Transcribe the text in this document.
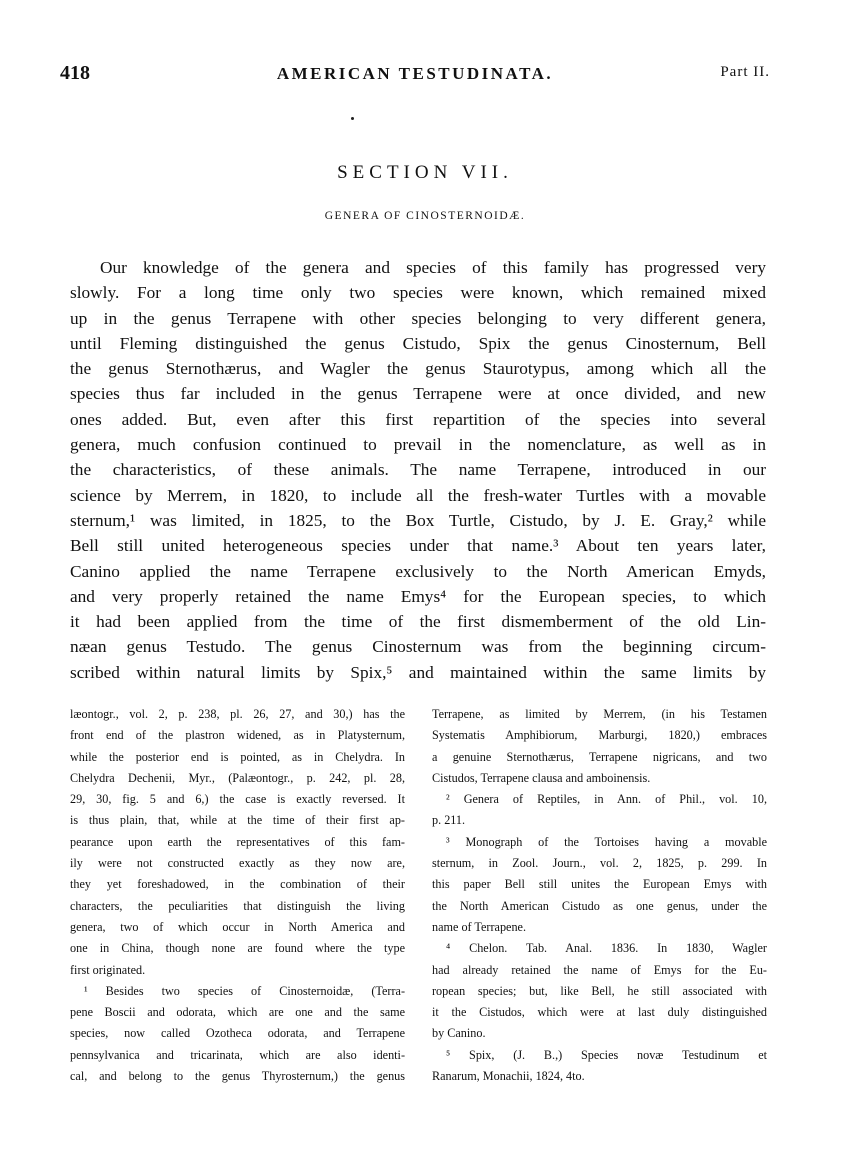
418	AMERICAN TESTUDINATA.	Part II.
SECTION VII.
GENERA OF CINOSTERNOIDÆ.
Our knowledge of the genera and species of this family has progressed very
slowly. For a long time only two species were known, which remained mixed
up in the genus Terrapene with other species belonging to very different genera,
until Fleming distinguished the genus Cistudo, Spix the genus Cinosternum, Bell
the genus Sternothærus, and Wagler the genus Staurotypus, among which all the
species thus far included in the genus Terrapene were at once divided, and new
ones added. But, even after this first repartition of the species into several
genera, much confusion continued to prevail in the nomenclature, as well as in
the characteristics, of these animals. The name Terrapene, introduced in our
science by Merrem, in 1820, to include all the fresh-water Turtles with a movable
sternum,¹ was limited, in 1825, to the Box Turtle, Cistudo, by J. E. Gray,² while
Bell still united heterogeneous species under that name.³ About ten years later,
Canino applied the name Terrapene exclusively to the North American Emyds,
and very properly retained the name Emys⁴ for the European species, to which
it had been applied from the time of the first dismemberment of the old Lin-
næan genus Testudo. The genus Cinosternum was from the beginning circum-
scribed within natural limits by Spix,⁵ and maintained within the same limits by
læontogr., vol. 2, p. 238, pl. 26, 27, and 30,) has the
front end of the plastron widened, as in Platysternum,
while the posterior end is pointed, as in Chelydra. In
Chelydra Dechenii, Myr., (Palæontogr., p. 242, pl. 28,
29, 30, fig. 5 and 6,) the case is exactly reversed. It
is thus plain, that, while at the time of their first ap-
pearance upon earth the representatives of this fam-
ily were not constructed exactly as they now are,
they yet foreshadowed, in the combination of their
characters, the peculiarities that distinguish the living
genera, two of which occur in North America and
one in China, though none are found where the type
first originated.
¹ Besides two species of Cinosternoidæ, (Terra-
pene Boscii and odorata, which are one and the same
species, now called Ozotheca odorata, and Terrapene
pennsylvanica and tricarinata, which are also identi-
cal, and belong to the genus Thyrosternum,) the genus
Terrapene, as limited by Merrem, (in his Testamen
Systematis Amphibiorum, Marburgi, 1820,) embraces
a genuine Sternothærus, Terrapene nigricans, and two
Cistudos, Terrapene clausa and amboinensis.
² Genera of Reptiles, in Ann. of Phil., vol. 10,
p. 211.
³ Monograph of the Tortoises having a movable
sternum, in Zool. Journ., vol. 2, 1825, p. 299. In
this paper Bell still unites the European Emys with
the North American Cistudo as one genus, under the
name of Terrapene.
⁴ Chelon. Tab. Anal. 1836. In 1830, Wagler
had already retained the name of Emys for the Eu-
ropean species; but, like Bell, he still associated with
it the Cistudos, which were at last duly distinguished
by Canino.
⁵ Spix, (J. B.,) Species novæ Testudinum et
Ranarum, Monachii, 1824, 4to.
